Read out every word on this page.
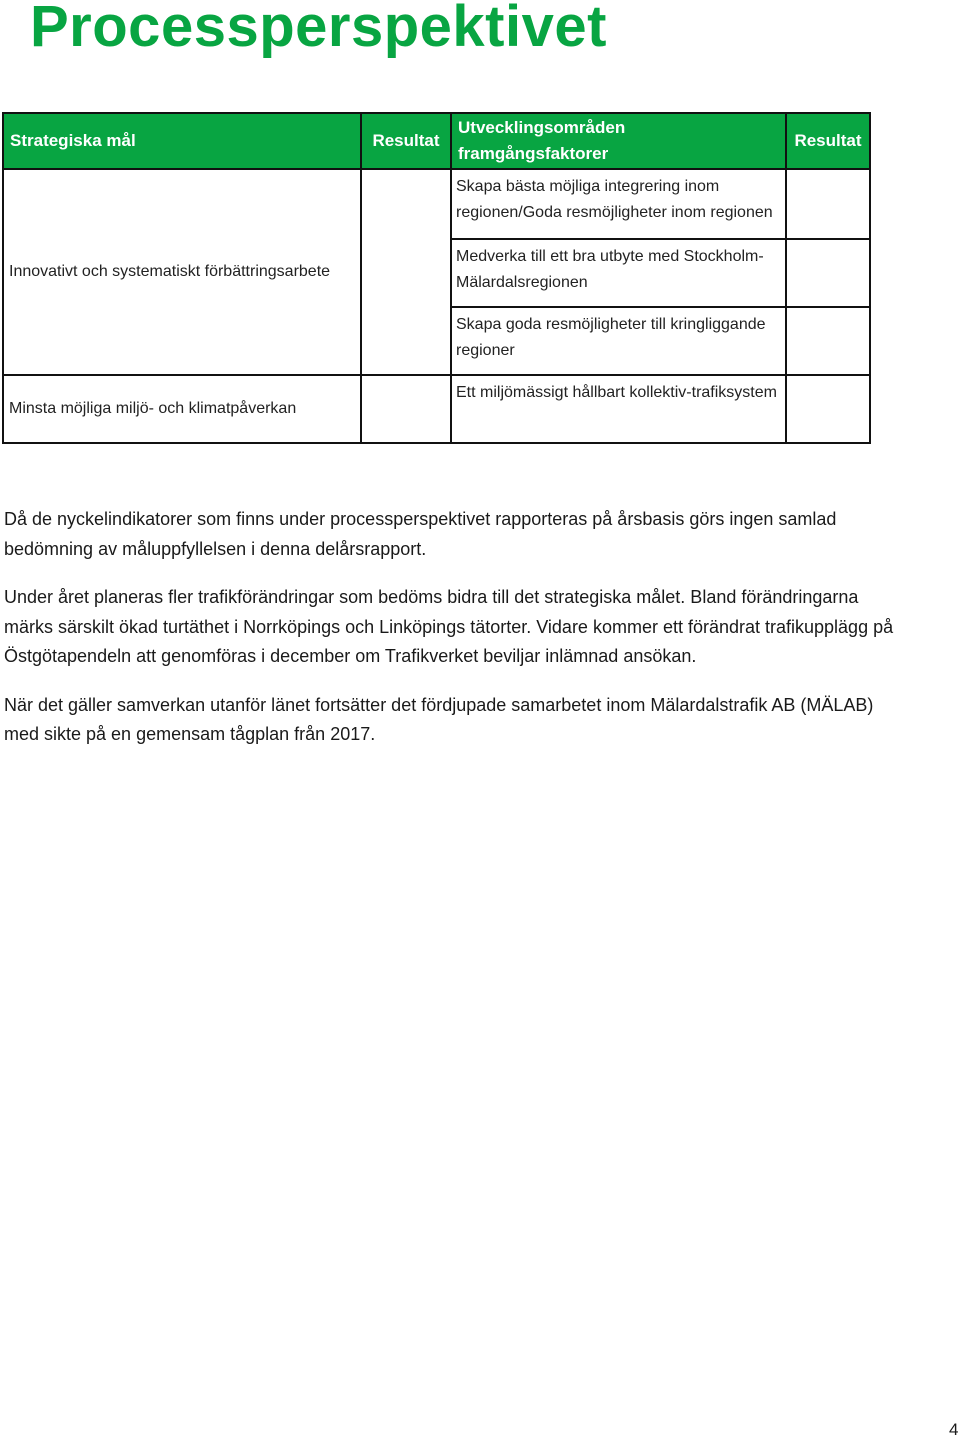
Processperspektivet
Strategiska mål	Resultat	Utvecklingsområden framgångsfaktorer	Resultat
Innovativt och systematiskt förbättringsarbete		Skapa bästa möjliga integrering inom regionen/Goda resmöjligheter inom regionen	
		Medverka till ett bra utbyte med Stockholm-Mälardalsregionen	
		Skapa goda resmöjligheter till kringliggande regioner	
Minsta möjliga miljö- och klimatpåverkan		Ett miljömässigt hållbart kollektiv-trafiksystem	

Då de nyckelindikatorer som finns under processperspektivet rapporteras på årsbasis görs ingen samlad bedömning av måluppfyllelsen i denna delårsrapport.

Under året planeras fler trafikförändringar som bedöms bidra till det strategiska målet. Bland förändringarna märks särskilt ökad turtäthet i Norrköpings och Linköpings tätorter. Vidare kommer ett förändrat trafikupplägg på Östgötapendeln att genomföras i december om Trafikverket beviljar inlämnad ansökan.

När det gäller samverkan utanför länet fortsätter det fördjupade samarbetet inom Mälardalstrafik AB (MÄLAB) med sikte på en gemensam tågplan från 2017.

4
